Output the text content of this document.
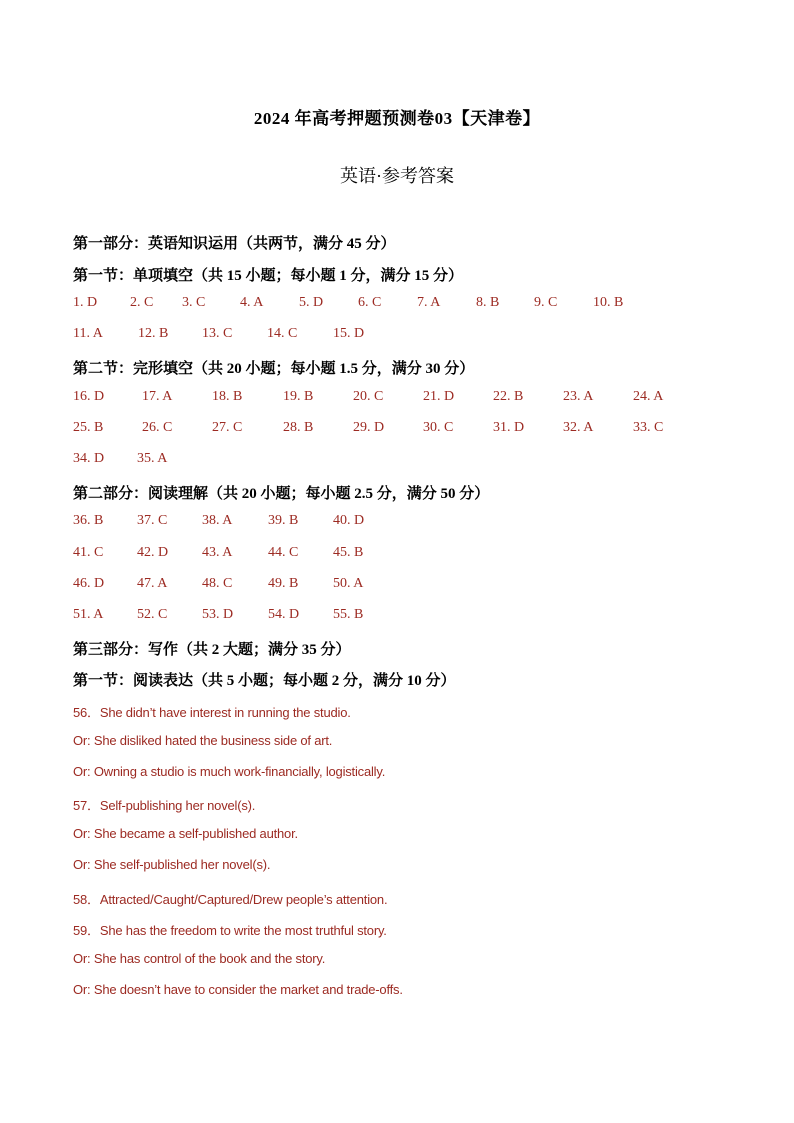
2024 年高考押题预测卷03【天津卷】
英语·参考答案
第一部分：英语知识运用（共两节，满分 45 分）
第一节：单项填空（共 15 小题；每小题 1 分，满分 15 分）
1. D 2. C 3. C 4. A	5. D 6. C	7. A	8. B 9. C	10. B
11. A	12. B 13. C 14. C	15. D
第二节：完形填空（共 20 小题；每小题 1.5 分，满分 30 分）
16. D	17. A	18. B	19. B	20. C	21. D	22. B	23. A	24. A
25. B	26. C	27. C	28. B	29. D	30. C	31. D	32. A	33. C
34. D 35. A
第二部分：阅读理解（共 20 小题；每小题 2.5 分，满分 50 分）
36. B 37. C 38. A	39. B 40. D
41. C 42. D 43. A	44. C 45. B
46. D 47. A 48. C	49. B 50. A
51. A 52. C 53. D 54. D 55. B
第三部分：写作（共 2 大题；满分 35 分）
第一节：阅读表达（共 5 小题；每小题 2 分，满分 10 分）
56．She didn’t have interest in running the studio.
Or: She disliked hated the business side of art.
Or: Owning a studio is much work-financially, logistically.
57．Self-publishing her novel(s).
Or: She became a self-published author.
Or: She self-published her novel(s).
58．Attracted/Caught/Captured/Drew people’s attention.
59．She has the freedom to write the most truthful story.
Or: She has control of the book and the story.
Or: She doesn’t have to consider the market and trade-offs.
